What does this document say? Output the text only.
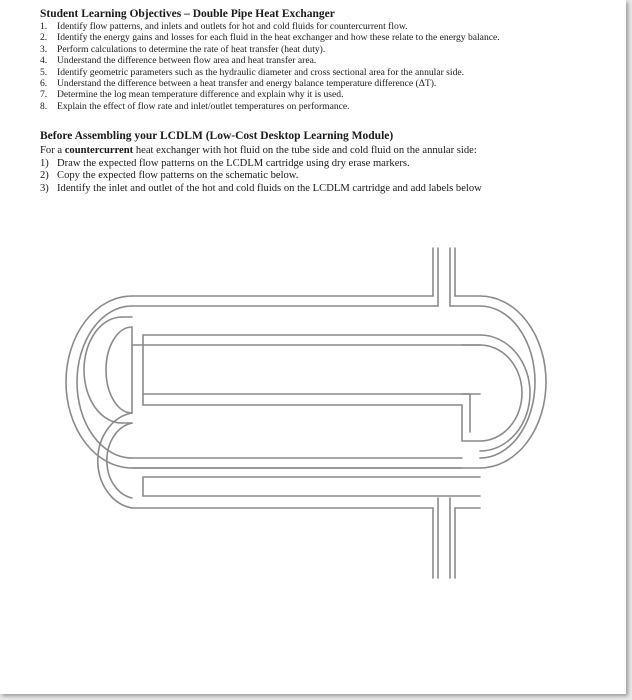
Student Learning Objectives – Double Pipe Heat Exchanger
1.	Identify flow patterns, and inlets and outlets for hot and cold fluids for countercurrent flow.
2.	Identify the energy gains and losses for each fluid in the heat exchanger and how these relate to the energy balance.
3.	Perform calculations to determine the rate of heat transfer (heat duty).
4.	Understand the difference between flow area and heat transfer area.
5.	Identify geometric parameters such as the hydraulic diameter and cross sectional area for the annular side.
6.	Understand the difference between a heat transfer and energy balance temperature difference (ΔT).
7.	Determine the log mean temperature difference and explain why it is used.
8.	Explain the effect of flow rate and inlet/outlet temperatures on performance.
Before Assembling your LCDLM (Low-Cost Desktop Learning Module)
For a countercurrent heat exchanger with hot fluid on the tube side and cold fluid on the annular side:
1) Draw the expected flow patterns on the LCDLM cartridge using dry erase markers.
2) Copy the expected flow patterns on the schematic below.
3) Identify the inlet and outlet of the hot and cold fluids on the LCDLM cartridge and add labels below
